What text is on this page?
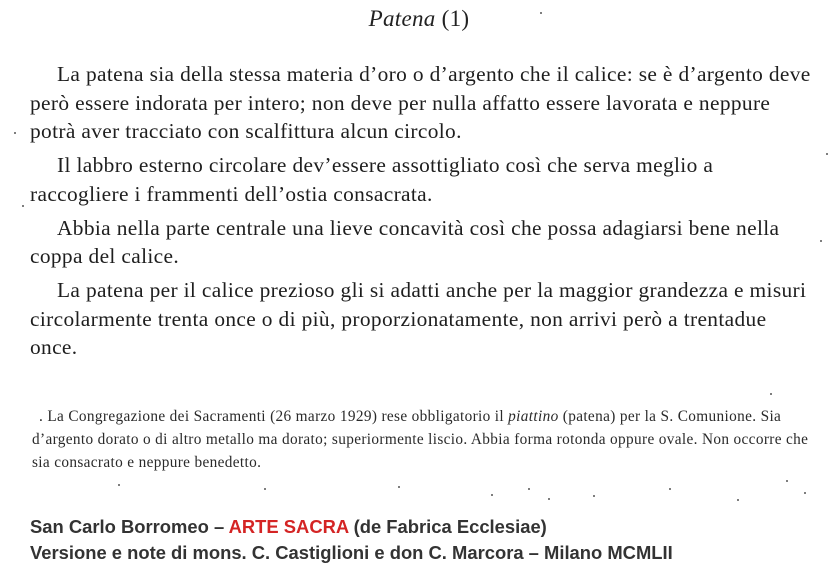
Patena (1)

La patena sia della stessa materia d’oro o d’argento che il calice: se è d’argento deve però essere indorata per intero; non deve per nulla affatto essere lavorata e neppure potrà aver tracciato con scalfittura alcun circolo.

Il labbro esterno circolare dev’essere assottigliato così che serva meglio a raccogliere i frammenti dell’ostia consacrata.

Abbia nella parte centrale una lieve concavità così che possa adagiarsi bene nella coppa del calice.

La patena per il calice prezioso gli si adatti anche per la maggior grandezza e misuri circolarmente trenta once o di più, proporzionatamente, non arrivi però a trentadue once.

. La Congregazione dei Sacramenti (26 marzo 1929) rese obbligatorio il piattino (patena) per la S. Comunione. Sia d’argento dorato o di altro metallo ma dorato; superiormente liscio. Abbia forma rotonda oppure ovale. Non occorre che sia consacrato e neppure benedetto.
San Carlo Borromeo – ARTE SACRA (de Fabrica Ecclesiae)
Versione e note di mons. C. Castiglioni e don C. Marcora – Milano MCMLII
